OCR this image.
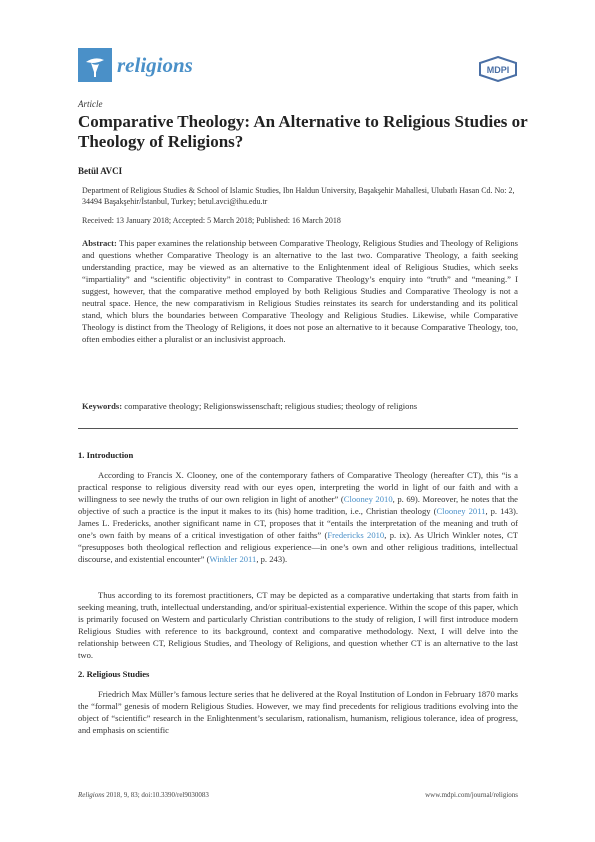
religions	MDPI
Article
Comparative Theology: An Alternative to Religious Studies or Theology of Religions?
Betül AVCI
Department of Religious Studies & School of Islamic Studies, Ibn Haldun University, Başakşehir Mahallesi, Ulubatlı Hasan Cd. No: 2, 34494 Başakşehir/İstanbul, Turkey; betul.avci@ihu.edu.tr
Received: 13 January 2018; Accepted: 5 March 2018; Published: 16 March 2018

Abstract: This paper examines the relationship between Comparative Theology, Religious Studies and Theology of Religions and questions whether Comparative Theology is an alternative to the last two. Comparative Theology, a faith seeking understanding practice, may be viewed as an alternative to the Enlightenment ideal of Religious Studies, which seeks “impartiality” and “scientific objectivity” in contrast to Comparative Theology’s enquiry into “truth” and “meaning.” I suggest, however, that the comparative method employed by both Religious Studies and Comparative Theology is not a neutral space. Hence, the new comparativism in Religious Studies reinstates its search for understanding and its political stand, which blurs the boundaries between Comparative Theology and Religious Studies. Likewise, while Comparative Theology is distinct from the Theology of Religions, it does not pose an alternative to it because Comparative Theology, too, often embodies either a pluralist or an inclusivist approach.

Keywords: comparative theology; Religionswissenschaft; religious studies; theology of religions
1. Introduction

According to Francis X. Clooney, one of the contemporary fathers of Comparative Theology (hereafter CT), this “is a practical response to religious diversity read with our eyes open, interpreting the world in light of our faith and with a willingness to see newly the truths of our own religion in light of another” (Clooney 2010, p. 69). Moreover, he notes that the objective of such a practice is the input it makes to its (his) home tradition, i.e., Christian theology (Clooney 2011, p. 143). James L. Fredericks, another significant name in CT, proposes that it “entails the interpretation of the meaning and truth of one’s own faith by means of a critical investigation of other faiths” (Fredericks 2010, p. ix). As Ulrich Winkler notes, CT “presupposes both theological reflection and religious experience—in one’s own and other religious traditions, intellectual discourse, and existential encounter” (Winkler 2011, p. 243).

Thus according to its foremost practitioners, CT may be depicted as a comparative undertaking that starts from faith in seeking meaning, truth, intellectual understanding, and/or spiritual-existential experience. Within the scope of this paper, which is primarily focused on Western and particularly Christian contributions to the study of religion, I will first introduce modern Religious Studies with reference to its background, context and comparative methodology. Next, I will delve into the relationship between CT, Religious Studies, and Theology of Religions, and question whether CT is an alternative to the last two.

2. Religious Studies

Friedrich Max Müller’s famous lecture series that he delivered at the Royal Institution of London in February 1870 marks the “formal” genesis of modern Religious Studies. However, we may find precedents for religious traditions evolving into the object of “scientific” research in the Enlightenment’s secularism, rationalism, humanism, religious tolerance, idea of progress, and emphasis on scientific

Religions 2018, 9, 83; doi:10.3390/rel9030083	www.mdpi.com/journal/religions
